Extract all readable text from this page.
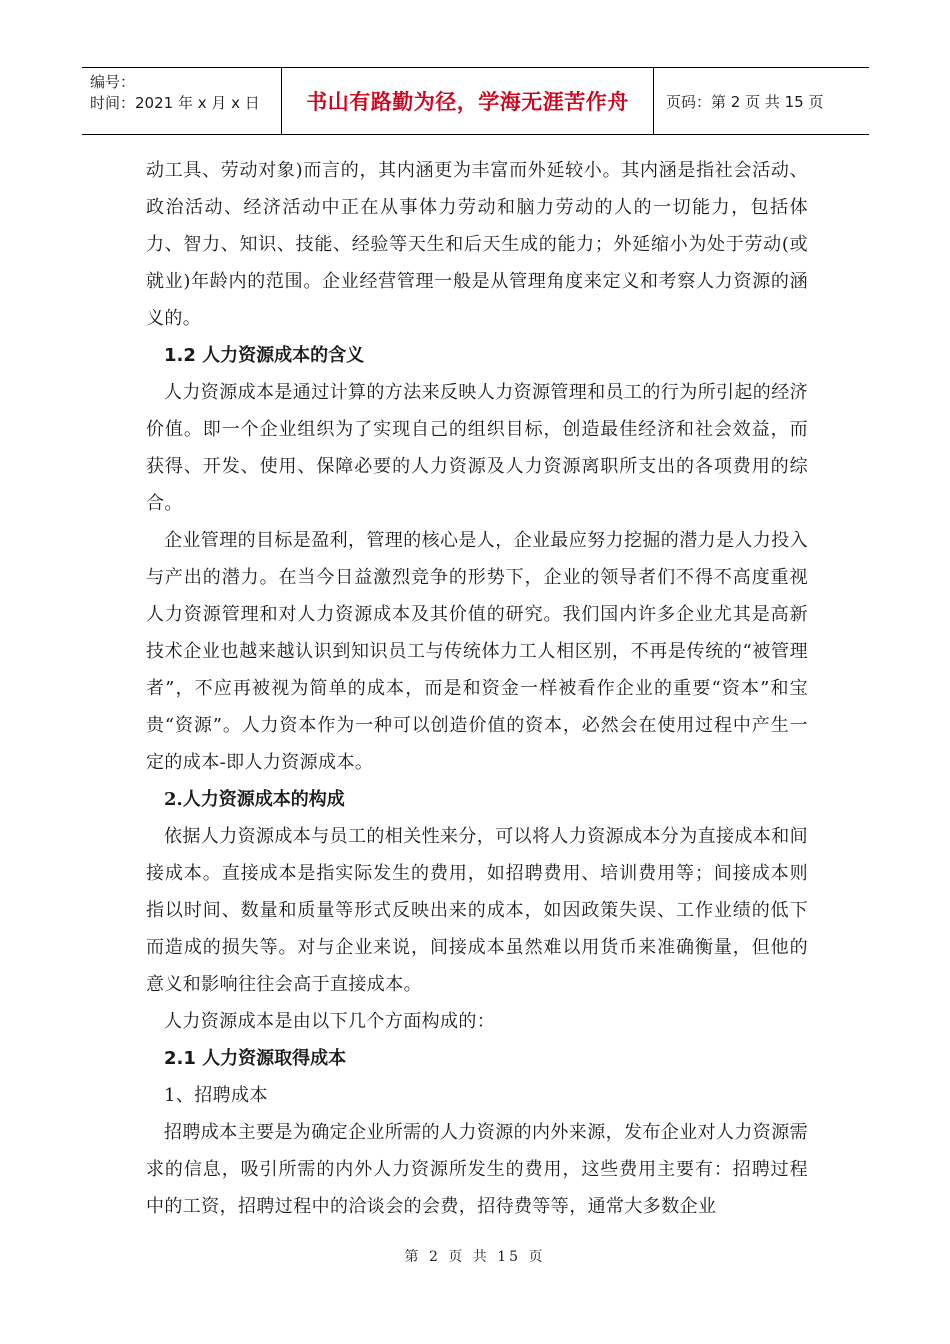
编号：
时间：2021 年 x 月 x 日	书山有路勤为径，学海无涯苦作舟	页码：第 2 页 共 15 页

动工具、劳动对象)而言的，其内涵更为丰富而外延较小。其内涵是指社会活动、政治活动、经济活动中正在从事体力劳动和脑力劳动的人的一切能力，包括体力、智力、知识、技能、经验等天生和后天生成的能力；外延缩小为处于劳动(或就业)年龄内的范围。企业经营管理一般是从管理角度来定义和考察人力资源的涵义的。

1.2 人力资源成本的含义

人力资源成本是通过计算的方法来反映人力资源管理和员工的行为所引起的经济价值。即一个企业组织为了实现自己的组织目标，创造最佳经济和社会效益，而获得、开发、使用、保障必要的人力资源及人力资源离职所支出的各项费用的综合。

企业管理的目标是盈利，管理的核心是人，企业最应努力挖掘的潜力是人力投入与产出的潜力。在当今日益激烈竞争的形势下，企业的领导者们不得不高度重视人力资源管理和对人力资源成本及其价值的研究。我们国内许多企业尤其是高新技术企业也越来越认识到知识员工与传统体力工人相区别，不再是传统的“被管理者”，不应再被视为简单的成本，而是和资金一样被看作企业的重要“资本”和宝贵“资源”。人力资本作为一种可以创造价值的资本，必然会在使用过程中产生一定的成本-即人力资源成本。

2.人力资源成本的构成

依据人力资源成本与员工的相关性来分，可以将人力资源成本分为直接成本和间接成本。直接成本是指实际发生的费用，如招聘费用、培训费用等；间接成本则指以时间、数量和质量等形式反映出来的成本，如因政策失误、工作业绩的低下而造成的损失等。对与企业来说，间接成本虽然难以用货币来准确衡量，但他的意义和影响往往会高于直接成本。

人力资源成本是由以下几个方面构成的：

2.1 人力资源取得成本

1、招聘成本

招聘成本主要是为确定企业所需的人力资源的内外来源，发布企业对人力资源需求的信息，吸引所需的内外人力资源所发生的费用，这些费用主要有：招聘过程中的工资，招聘过程中的洽谈会的会费，招待费等等，通常大多数企业

第 2 页 共 15 页
